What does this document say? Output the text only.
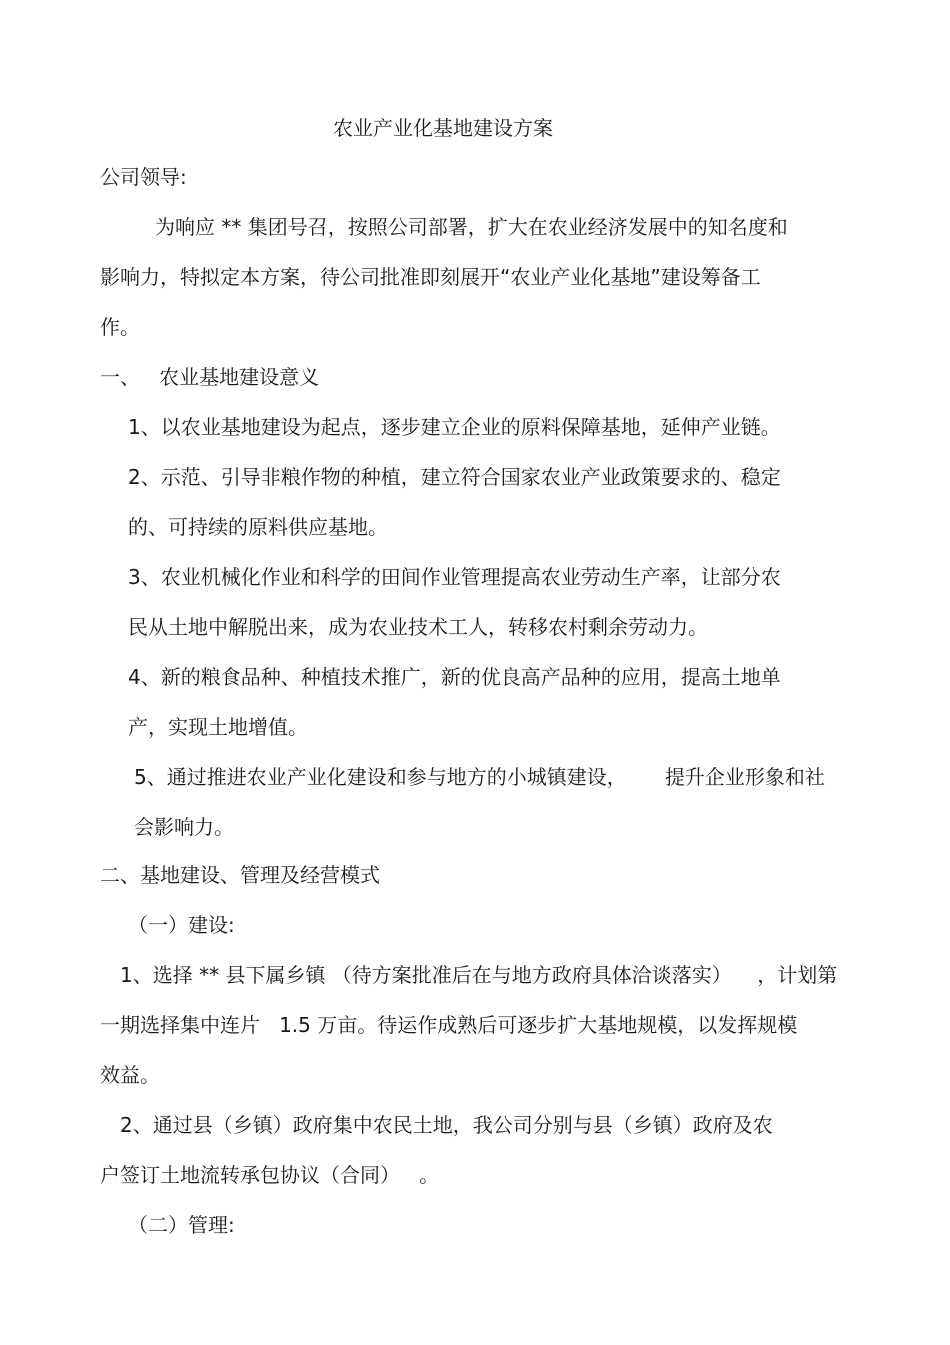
农业产业化基地建设方案
公司领导:
为响应 ** 集团号召，按照公司部署，扩大在农业经济发展中的知名度和
影响力，特拟定本方案，待公司批准即刻展开“农业产业化基地”建设筹备工
作。
一、   农业基地建设意义
1、以农业基地建设为起点，逐步建立企业的原料保障基地，延伸产业链。
2、示范、引导非粮作物的种植，建立符合国家农业产业政策要求的、稳定
的、可持续的原料供应基地。
3、农业机械化作业和科学的田间作业管理提高农业劳动生产率，让部分农
民从土地中解脱出来，成为农业技术工人，转移农村剩余劳动力。
4、新的粮食品种、种植技术推广，新的优良高产品种的应用，提高土地单
产，实现土地增值。
5、通过推进农业产业化建设和参与地方的小城镇建设，      提升企业形象和社
会影响力。
二、基地建设、管理及经营模式
（一）建设:
1、选择 ** 县下属乡镇 （待方案批准后在与地方政府具体洽谈落实）    ，计划第
一期选择集中连片   1.5 万亩。待运作成熟后可逐步扩大基地规模，以发挥规模
效益。
2、通过县（乡镇）政府集中农民土地，我公司分别与县（乡镇）政府及农
户签订土地流转承包协议（合同）   。
（二）管理:
